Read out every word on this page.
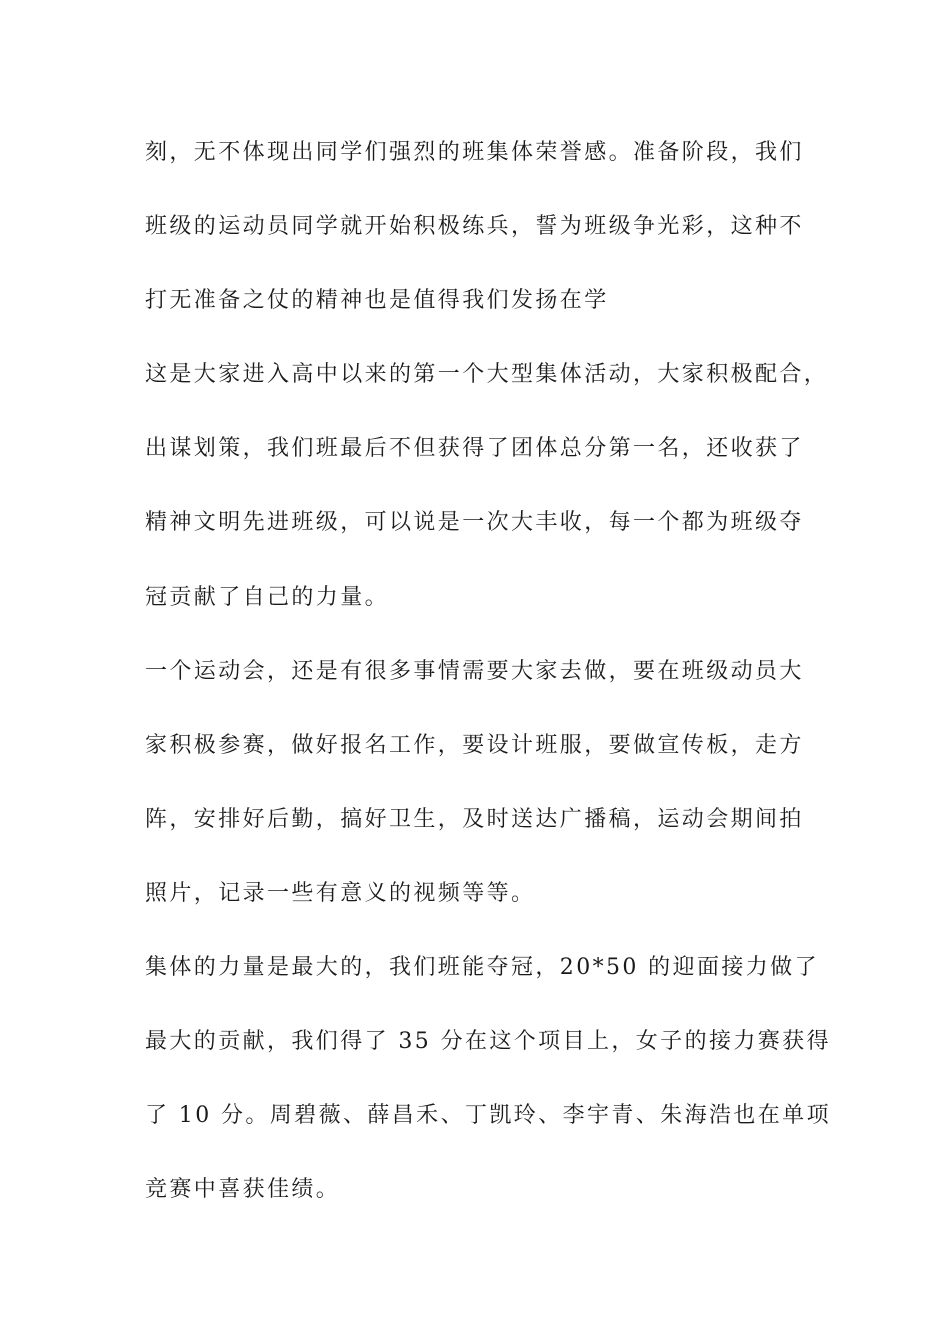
刻，无不体现出同学们强烈的班集体荣誉感。准备阶段，我们
班级的运动员同学就开始积极练兵，誓为班级争光彩，这种不
打无准备之仗的精神也是值得我们发扬在学
这是大家进入高中以来的第一个大型集体活动，大家积极配合，
出谋划策，我们班最后不但获得了团体总分第一名，还收获了
精神文明先进班级，可以说是一次大丰收，每一个都为班级夺
冠贡献了自己的力量。
一个运动会，还是有很多事情需要大家去做，要在班级动员大
家积极参赛，做好报名工作，要设计班服，要做宣传板，走方
阵，安排好后勤，搞好卫生，及时送达广播稿，运动会期间拍
照片，记录一些有意义的视频等等。
集体的力量是最大的，我们班能夺冠，20*50 的迎面接力做了
最大的贡献，我们得了 35 分在这个项目上，女子的接力赛获得
了 10 分。周碧薇、薛昌禾、丁凯玲、李宇青、朱海浩也在单项
竞赛中喜获佳绩。
